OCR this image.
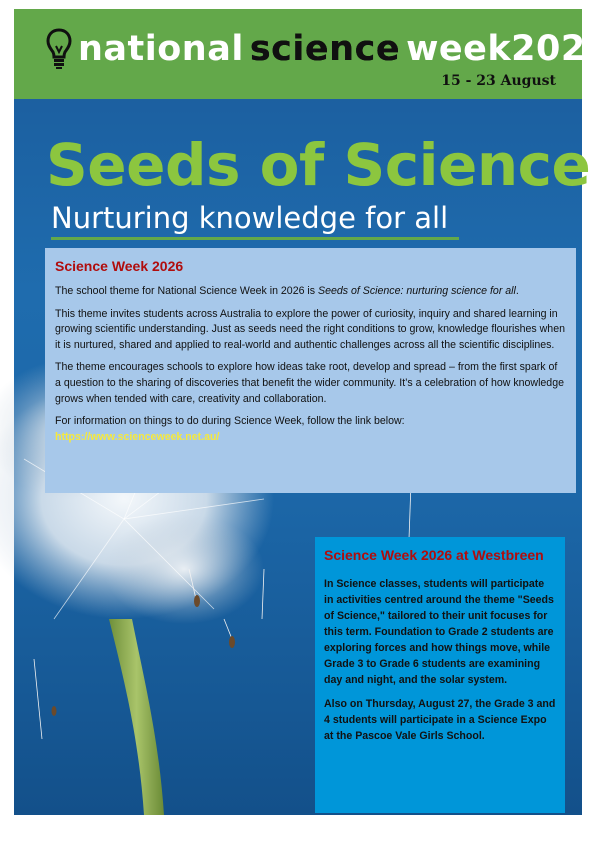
national science week 2026
15 - 23 August
Seeds of Science
Nurturing knowledge for all
Science Week 2026

The school theme for National Science Week in 2026 is Seeds of Science: nurturing science for all.

This theme invites students across Australia to explore the power of curiosity, inquiry and shared learning in growing scientific understanding. Just as seeds need the right conditions to grow, knowledge flourishes when it is nurtured, shared and applied to real-world and authentic challenges across all the scientific disciplines.

The theme encourages schools to explore how ideas take root, develop and spread – from the first spark of a question to the sharing of discoveries that benefit the wider community. It’s a celebration of how knowledge grows when tended with care, creativity and collaboration.

For information on things to do during Science Week, follow the link below:

https://www.scienceweek.net.au/
Science Week 2026 at Westbreen

In Science classes, students will participate in activities centred around the theme "Seeds of Science," tailored to their unit focuses for this term. Foundation to Grade 2 students are exploring forces and how things move, while Grade 3 to Grade 6 students are examining day and night, and the solar system.

Also on Thursday, August 27, the Grade 3 and 4 students will participate in a Science Expo at the Pascoe Vale Girls School.
